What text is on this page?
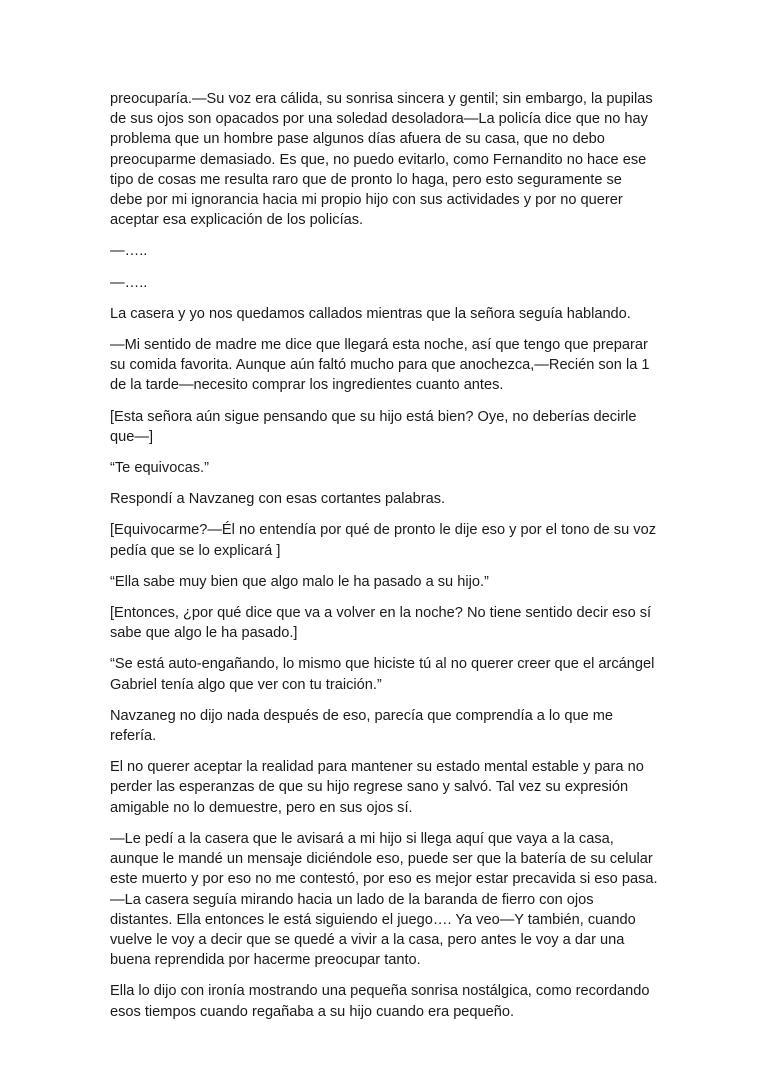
preocuparía.—Su voz era cálida, su sonrisa sincera y gentil; sin embargo, la pupilas de sus ojos son opacados por una soledad desoladora—La policía dice que no hay problema que un hombre pase algunos días afuera de su casa, que no debo preocuparme demasiado. Es que, no puedo evitarlo, como Fernandito no hace ese tipo de cosas me resulta raro que de pronto lo haga, pero esto seguramente se debe por mi ignorancia hacia mi propio hijo con sus actividades y por no querer aceptar esa explicación de los policías.

—…..

—…..

La casera y yo nos quedamos callados mientras que la señora seguía hablando.

—Mi sentido de madre me dice que llegará esta noche, así que tengo que preparar su comida favorita. Aunque aún faltó mucho para que anochezca,—Recién son la 1 de la tarde—necesito comprar los ingredientes cuanto antes.

[Esta señora aún sigue pensando que su hijo está bien? Oye, no deberías decirle que—]

“Te equivocas.”

Respondí a Navzaneg con esas cortantes palabras.

[Equivocarme?—Él no entendía por qué de pronto le dije eso y por el tono de su voz pedía que se lo explicará ]

“Ella sabe muy bien que algo malo le ha pasado a su hijo.”

[Entonces, ¿por qué dice que va a volver en la noche? No tiene sentido decir eso sí sabe que algo le ha pasado.]

“Se está auto-engañando, lo mismo que hiciste tú al no querer creer que el arcángel Gabriel tenía algo que ver con tu traición.”

Navzaneg no dijo nada después de eso, parecía que comprendía a lo que me refería.

El no querer aceptar la realidad para mantener su estado mental estable y para no perder las esperanzas de que su hijo regrese sano y salvó. Tal vez su expresión amigable no lo demuestre, pero en sus ojos sí.

—Le pedí a la casera que le avisará a mi hijo si llega aquí que vaya a la casa, aunque le mandé un mensaje diciéndole eso, puede ser que la batería de su celular este muerto y por eso no me contestó, por eso es mejor estar precavida si eso pasa.—La casera seguía mirando hacia un lado de la baranda de fierro con ojos distantes. Ella entonces le está siguiendo el juego…. Ya veo—Y también, cuando vuelve le voy a decir que se quedé a vivir a la casa, pero antes le voy a dar una buena reprendida por hacerme preocupar tanto.

Ella lo dijo con ironía mostrando una pequeña sonrisa nostálgica, como recordando esos tiempos cuando regañaba a su hijo cuando era pequeño.
